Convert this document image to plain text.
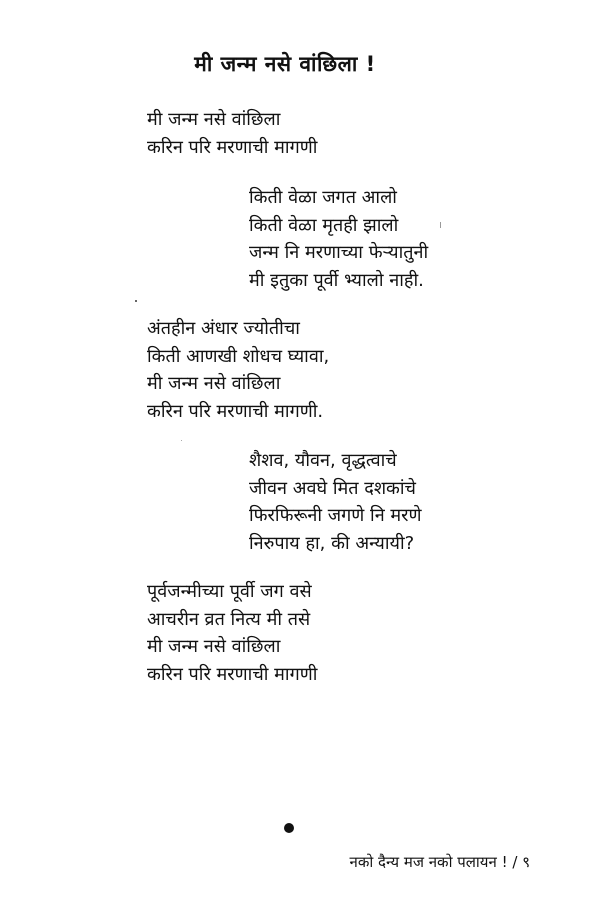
मी जन्म नसे वांछिला !
मी जन्म नसे वांछिला
करिन परि मरणाची मागणी
किती वेळा जगत आलो
किती वेळा मृतही झालो
जन्म नि मरणाच्या फेऱ्यातुनी
मी इतुका पूर्वी भ्यालो नाही.
अंतहीन अंधार ज्योतीचा
किती आणखी शोधच घ्यावा,
मी जन्म नसे वांछिला
करिन परि मरणाची मागणी.
शैशव, यौवन, वृद्धत्वाचे
जीवन अवघे मित दशकांचे
फिरफिरूनी जगणे नि मरणे
निरुपाय हा, की अन्यायी?
पूर्वजन्मीच्या पूर्वी जग वसे
आचरीन व्रत नित्य मी तसे
मी जन्म नसे वांछिला
करिन परि मरणाची मागणी
नको दैन्य मज नको पलायन ! / ९
